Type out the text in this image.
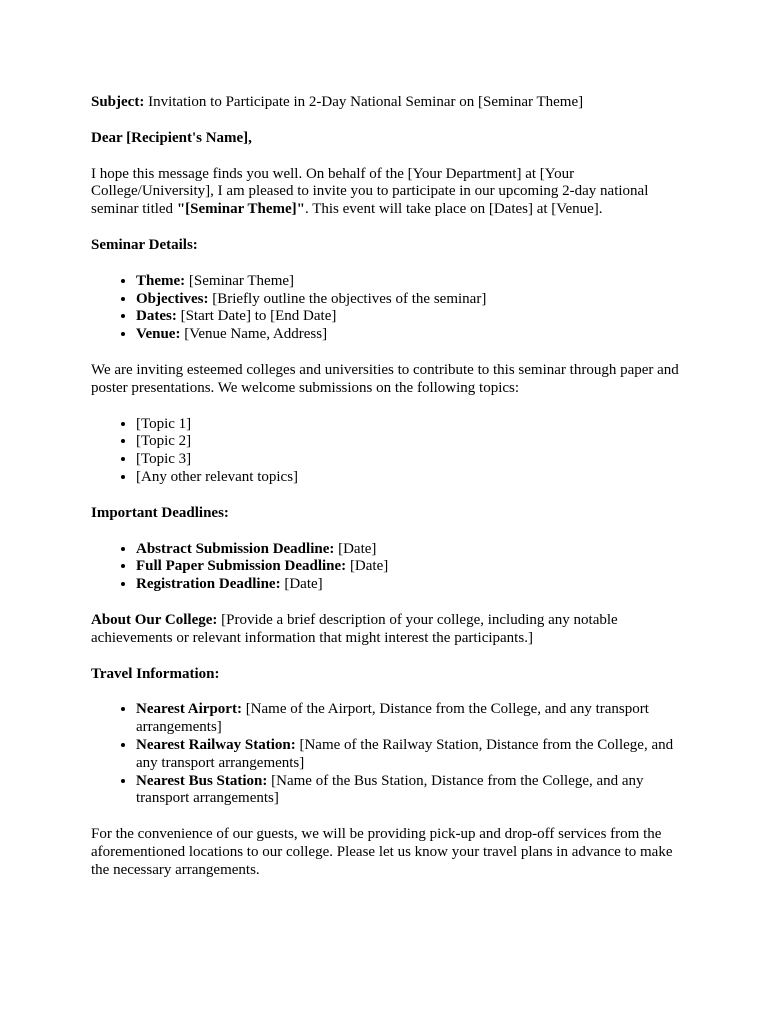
Subject: Invitation to Participate in 2-Day National Seminar on [Seminar Theme]

Dear [Recipient's Name],

I hope this message finds you well. On behalf of the [Your Department] at [Your College/University], I am pleased to invite you to participate in our upcoming 2-day national seminar titled "[Seminar Theme]". This event will take place on [Dates] at [Venue].

Seminar Details:

• Theme: [Seminar Theme]
• Objectives: [Briefly outline the objectives of the seminar]
• Dates: [Start Date] to [End Date]
• Venue: [Venue Name, Address]

We are inviting esteemed colleges and universities to contribute to this seminar through paper and poster presentations. We welcome submissions on the following topics:

• [Topic 1]
• [Topic 2]
• [Topic 3]
• [Any other relevant topics]

Important Deadlines:

• Abstract Submission Deadline: [Date]
• Full Paper Submission Deadline: [Date]
• Registration Deadline: [Date]

About Our College: [Provide a brief description of your college, including any notable achievements or relevant information that might interest the participants.]

Travel Information:

• Nearest Airport: [Name of the Airport, Distance from the College, and any transport arrangements]
• Nearest Railway Station: [Name of the Railway Station, Distance from the College, and any transport arrangements]
• Nearest Bus Station: [Name of the Bus Station, Distance from the College, and any transport arrangements]

For the convenience of our guests, we will be providing pick-up and drop-off services from the aforementioned locations to our college. Please let us know your travel plans in advance to make the necessary arrangements.
